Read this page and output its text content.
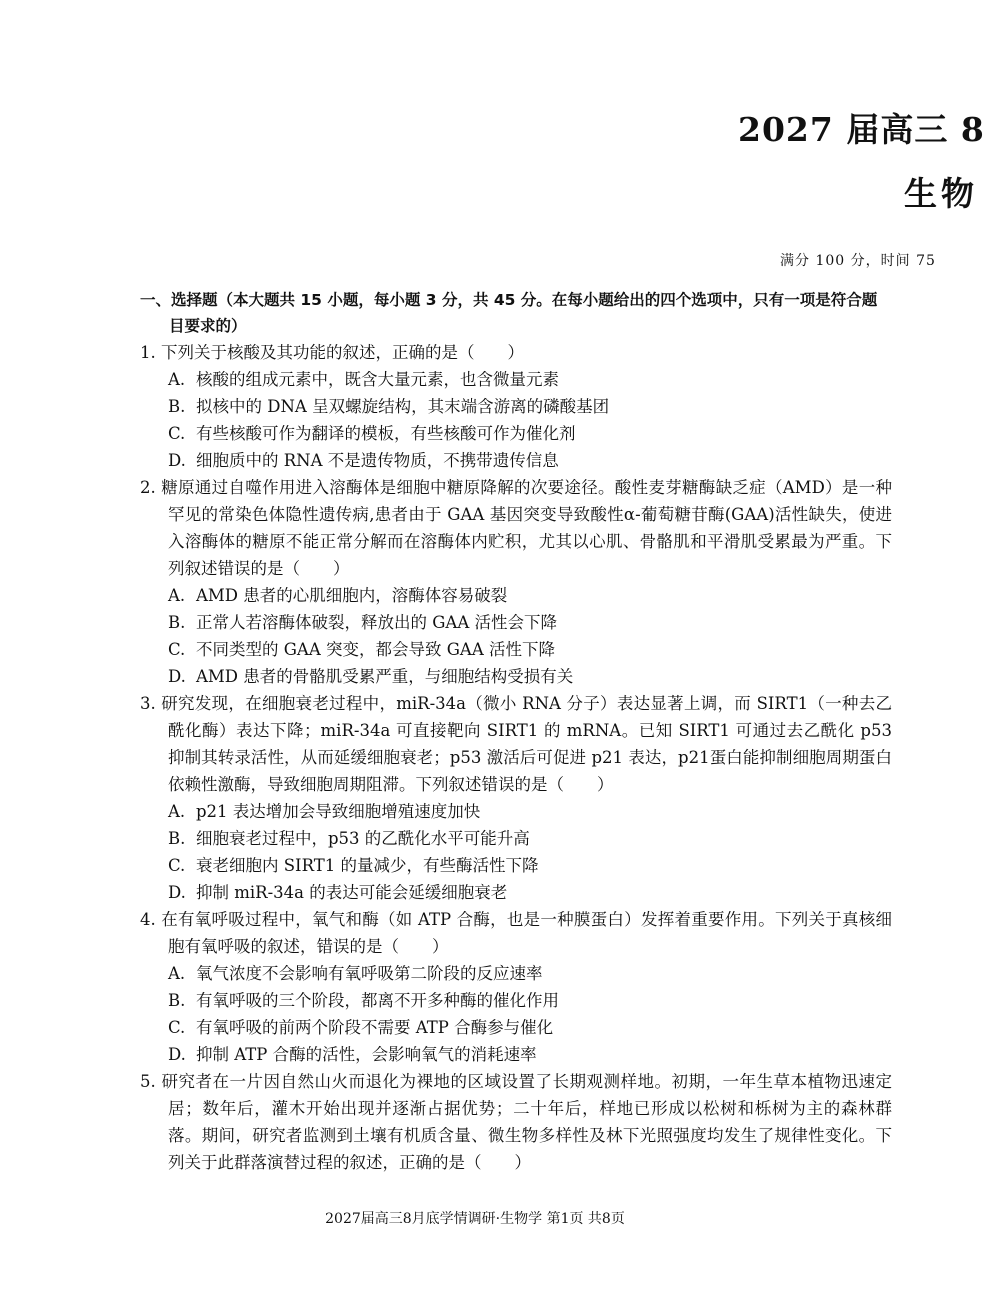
2027 届高三 8
生物
满分 100 分，时间 75

一、选择题（本大题共 15 小题，每小题 3 分，共 45 分。在每小题给出的四个选项中，只有一项是符合题目要求的）

1. 下列关于核酸及其功能的叙述，正确的是（　　）

A. 核酸的组成元素中，既含大量元素，也含微量元素

B. 拟核中的 DNA 呈双螺旋结构，其末端含游离的磷酸基团

C. 有些核酸可作为翻译的模板，有些核酸可作为催化剂

D. 细胞质中的 RNA 不是遗传物质，不携带遗传信息

2. 糖原通过自噬作用进入溶酶体是细胞中糖原降解的次要途径。酸性麦芽糖酶缺乏症（AMD）是一种罕见的常染色体隐性遗传病,患者由于 GAA 基因突变导致酸性α-葡萄糖苷酶(GAA)活性缺失，使进入溶酶体的糖原不能正常分解而在溶酶体内贮积，尤其以心肌、骨骼肌和平滑肌受累最为严重。下列叙述错误的是（　　）

A. AMD 患者的心肌细胞内，溶酶体容易破裂

B. 正常人若溶酶体破裂，释放出的 GAA 活性会下降

C. 不同类型的 GAA 突变，都会导致 GAA 活性下降

D. AMD 患者的骨骼肌受累严重，与细胞结构受损有关

3. 研究发现，在细胞衰老过程中，miR-34a（微小 RNA 分子）表达显著上调，而 SIRT1（一种去乙酰化酶）表达下降；miR-34a 可直接靶向 SIRT1 的 mRNA。已知 SIRT1 可通过去乙酰化 p53 抑制其转录活性，从而延缓细胞衰老；p53 激活后可促进 p21 表达，p21蛋白能抑制细胞周期蛋白依赖性激酶，导致细胞周期阻滞。下列叙述错误的是（　　）

A. p21 表达增加会导致细胞增殖速度加快

B. 细胞衰老过程中，p53 的乙酰化水平可能升高

C. 衰老细胞内 SIRT1 的量减少，有些酶活性下降

D. 抑制 miR-34a 的表达可能会延缓细胞衰老

4. 在有氧呼吸过程中，氧气和酶（如 ATP 合酶，也是一种膜蛋白）发挥着重要作用。下列关于真核细胞有氧呼吸的叙述，错误的是（　　）

A. 氧气浓度不会影响有氧呼吸第二阶段的反应速率

B. 有氧呼吸的三个阶段，都离不开多种酶的催化作用

C. 有氧呼吸的前两个阶段不需要 ATP 合酶参与催化

D. 抑制 ATP 合酶的活性，会影响氧气的消耗速率

5. 研究者在一片因自然山火而退化为裸地的区域设置了长期观测样地。初期，一年生草本植物迅速定居；数年后，灌木开始出现并逐渐占据优势；二十年后，样地已形成以松树和栎树为主的森林群落。期间，研究者监测到土壤有机质含量、微生物多样性及林下光照强度均发生了规律性变化。下列关于此群落演替过程的叙述，正确的是（　　）

2027届高三8月底学情调研·生物学 第1页 共8页
